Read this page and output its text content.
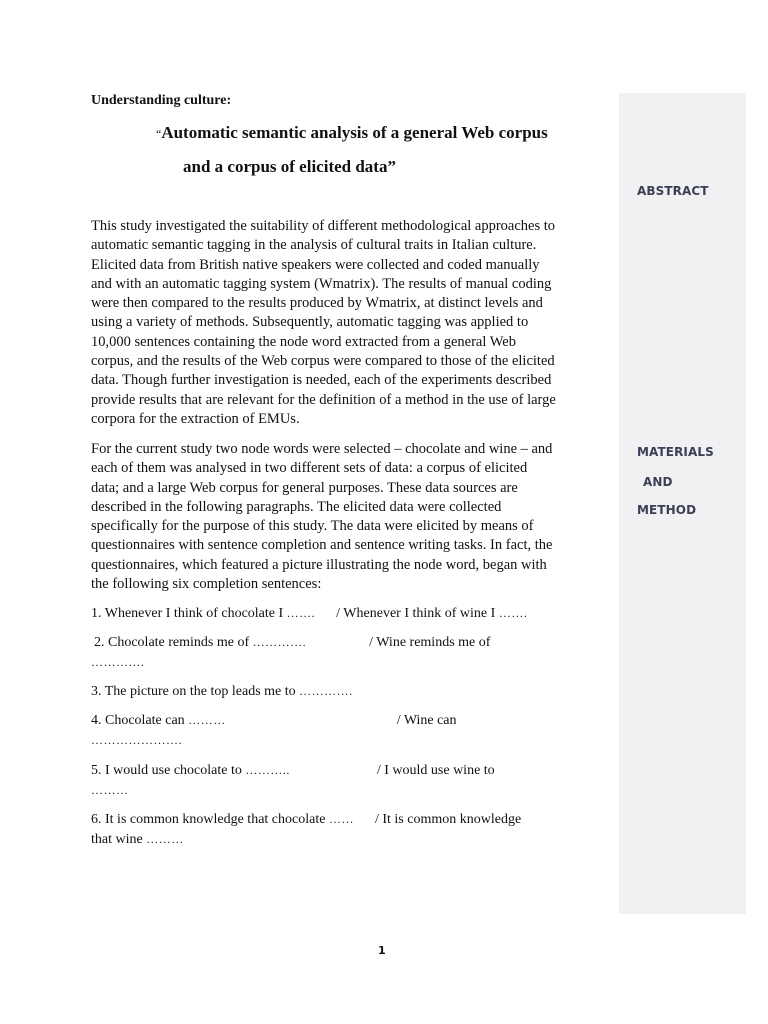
ABSTRACT
MATERIALS
AND
METHOD
Understanding culture:
“Automatic semantic analysis of a general Web corpus
and a corpus of elicited data”
This study investigated the suitability of different methodological approaches to
automatic semantic tagging in the analysis of cultural traits in Italian culture.
Elicited data from British native speakers were collected and coded manually
and with an automatic tagging system (Wmatrix). The results of manual coding
were then compared to the results produced by Wmatrix, at distinct levels and
using a variety of methods. Subsequently, automatic tagging was applied to
10,000 sentences containing the node word extracted from a general Web
corpus, and the results of the Web corpus were compared to those of the elicited
data. Though further investigation is needed, each of the experiments described
provide results that are relevant for the definition of a method in the use of large
corpora for the extraction of EMUs.
For the current study two node words were selected – chocolate and wine – and
each of them was analysed in two different sets of data: a corpus of elicited
data; and a large Web corpus for general purposes. These data sources are
described in the following paragraphs. The elicited data were collected
specifically for the purpose of this study. The data were elicited by means of
questionnaires with sentence completion and sentence writing tasks. In fact, the
questionnaires, which featured a picture illustrating the node word, began with
the following six completion sentences:
1. Whenever I think of chocolate I ……. / Whenever I think of wine I …….
2. Chocolate reminds me of ………….	/ Wine reminds me of
………….
3. The picture on the top leads me to ………….
4. Chocolate can ………	/ Wine can
………………….
5. I would use chocolate to ………..	/ I would use wine to
………
6. It is common knowledge that chocolate …… / It is common knowledge
that wine ………
1
